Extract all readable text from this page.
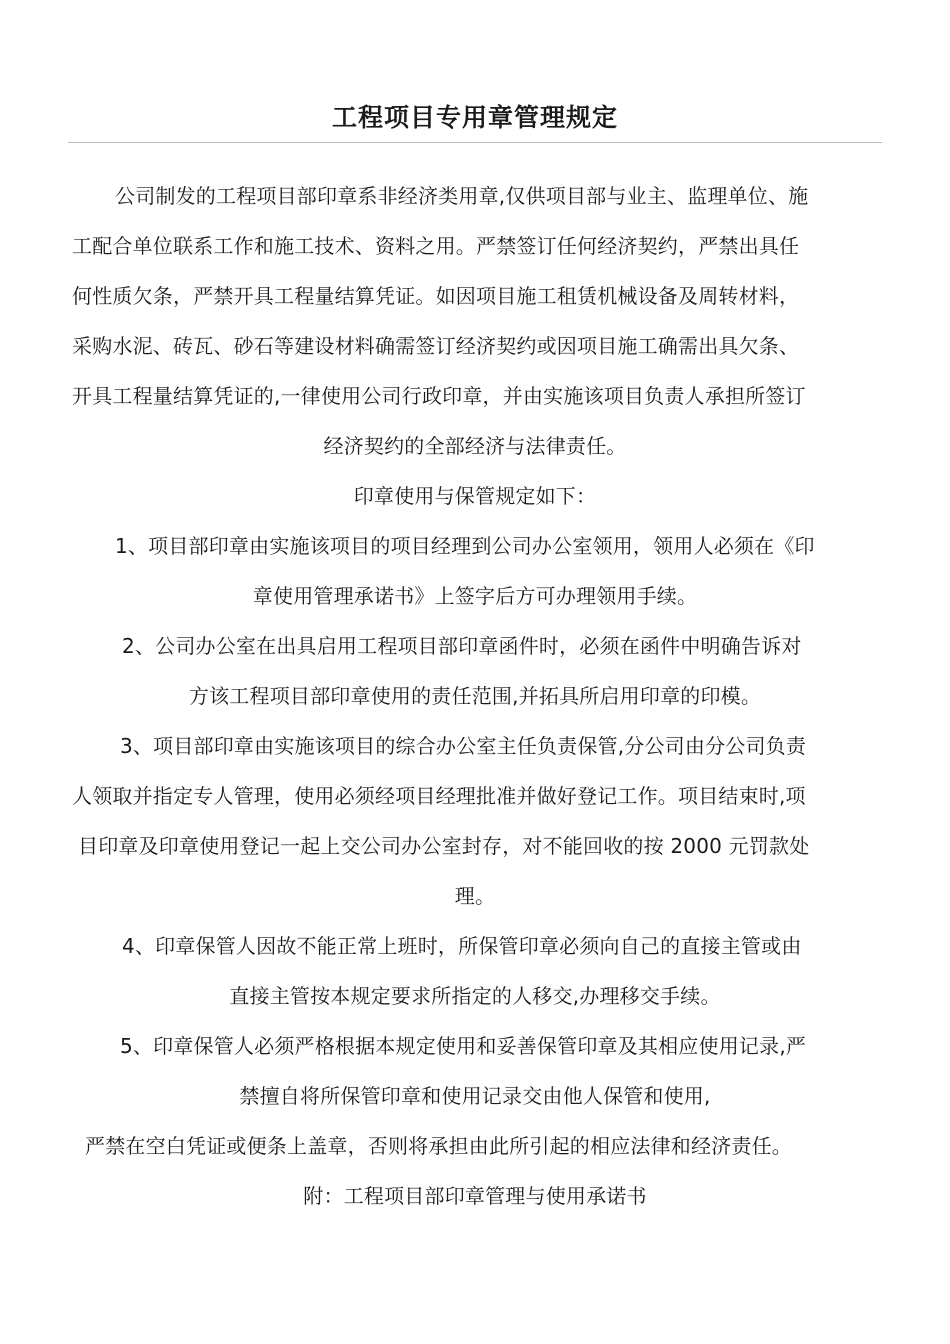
工程项目专用章管理规定
公司制发的工程项目部印章系非经济类用章,仅供项目部与业主、监理单位、施
工配合单位联系工作和施工技术、资料之用。严禁签订任何经济契约，严禁出具任
何性质欠条，严禁开具工程量结算凭证。如因项目施工租赁机械设备及周转材料，
采购水泥、砖瓦、砂石等建设材料确需签订经济契约或因项目施工确需出具欠条、
开具工程量结算凭证的,一律使用公司行政印章，并由实施该项目负责人承担所签订
经济契约的全部经济与法律责任。
印章使用与保管规定如下：
1、项目部印章由实施该项目的项目经理到公司办公室领用，领用人必须在《印
章使用管理承诺书》上签字后方可办理领用手续。
2、公司办公室在出具启用工程项目部印章函件时，必须在函件中明确告诉对
方该工程项目部印章使用的责任范围,并拓具所启用印章的印模。
3、项目部印章由实施该项目的综合办公室主任负责保管,分公司由分公司负责
人领取并指定专人管理，使用必须经项目经理批准并做好登记工作。项目结束时,项
目印章及印章使用登记一起上交公司办公室封存，对不能回收的按 2000 元罚款处
理。
4、印章保管人因故不能正常上班时，所保管印章必须向自己的直接主管或由
直接主管按本规定要求所指定的人移交,办理移交手续。
5、印章保管人必须严格根据本规定使用和妥善保管印章及其相应使用记录,严
禁擅自将所保管印章和使用记录交由他人保管和使用,
严禁在空白凭证或便条上盖章，否则将承担由此所引起的相应法律和经济责任。
附：工程项目部印章管理与使用承诺书
